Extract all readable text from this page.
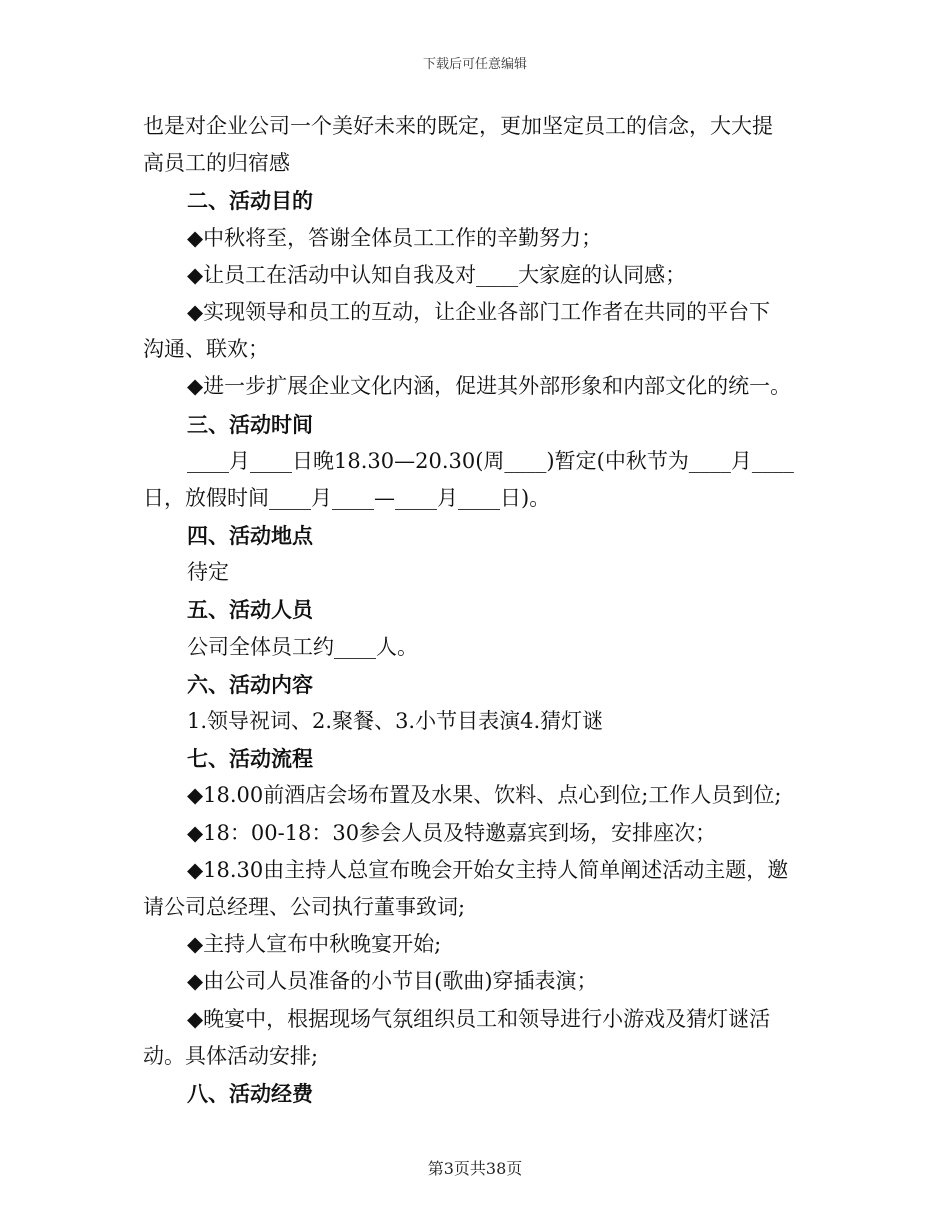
下载后可任意编辑
也是对企业公司一个美好未来的既定，更加坚定员工的信念，大大提
高员工的归宿感
二、活动目的
◆中秋将至，答谢全体员工工作的辛勤努力；
◆让员工在活动中认知自我及对____大家庭的认同感；
◆实现领导和员工的互动，让企业各部门工作者在共同的平台下
沟通、联欢；
◆进一步扩展企业文化内涵，促进其外部形象和内部文化的统一。
三、活动时间
____月____日晚18.30—20.30(周____)暂定(中秋节为____月____
日，放假时间____月____—____月____日)。
四、活动地点
待定
五、活动人员
公司全体员工约____人。
六、活动内容
1.领导祝词、2.聚餐、3.小节目表演4.猜灯谜
七、活动流程
◆18.00前酒店会场布置及水果、饮料、点心到位;工作人员到位;
◆18：00-18：30参会人员及特邀嘉宾到场，安排座次；
◆18.30由主持人总宣布晚会开始女主持人简单阐述活动主题，邀
请公司总经理、公司执行董事致词;
◆主持人宣布中秋晚宴开始;
◆由公司人员准备的小节目(歌曲)穿插表演；
◆晚宴中，根据现场气氛组织员工和领导进行小游戏及猜灯谜活
动。具体活动安排;
八、活动经费
第3页共38页
